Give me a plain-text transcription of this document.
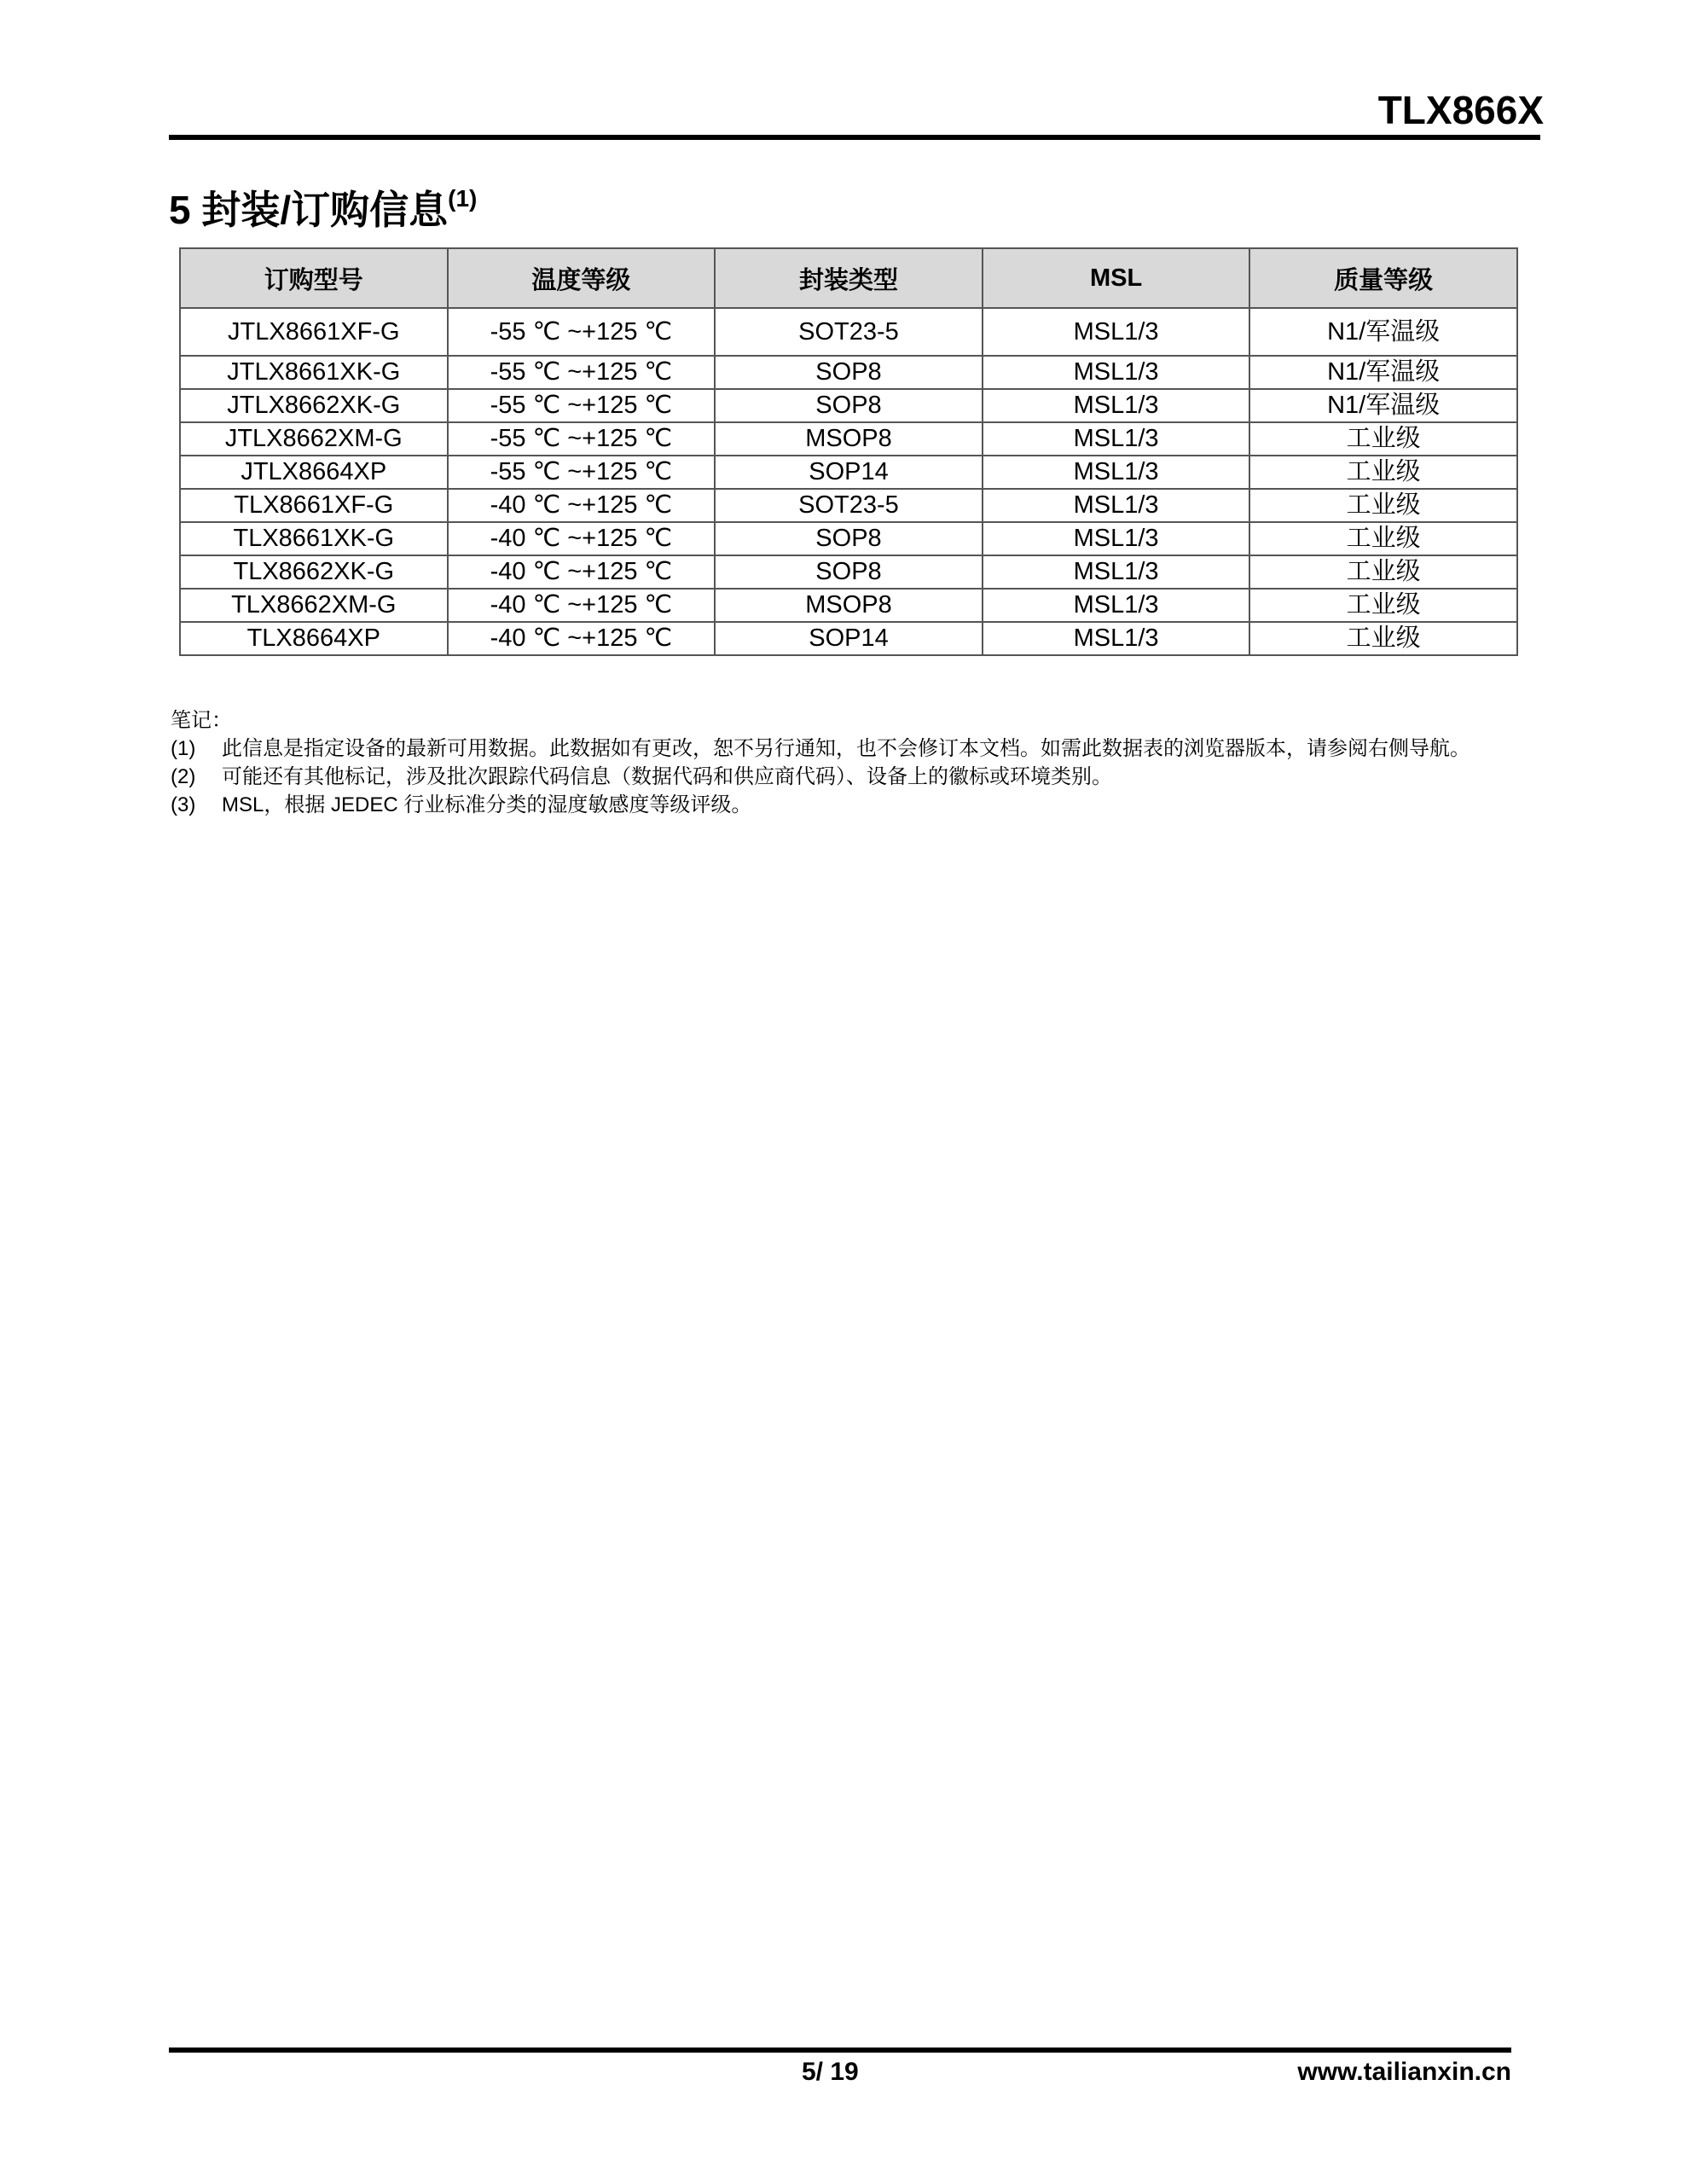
TLX866X
5 封装/订购信息$^{(1)}$
订购型号	温度等级	封装类型	MSL	质量等级
JTLX8661XF-G	-55 ℃ ~+125 ℃	SOT23-5	MSL1/3	N1/军温级
JTLX8661XK-G	-55 ℃ ~+125 ℃	SOP8	MSL1/3	N1/军温级
JTLX8662XK-G	-55 ℃ ~+125 ℃	SOP8	MSL1/3	N1/军温级
JTLX8662XM-G	-55 ℃ ~+125 ℃	MSOP8	MSL1/3	工业级
JTLX8664XP	-55 ℃ ~+125 ℃	SOP14	MSL1/3	工业级
TLX8661XF-G	-40 ℃ ~+125 ℃	SOT23-5	MSL1/3	工业级
TLX8661XK-G	-40 ℃ ~+125 ℃	SOP8	MSL1/3	工业级
TLX8662XK-G	-40 ℃ ~+125 ℃	SOP8	MSL1/3	工业级
TLX8662XM-G	-40 ℃ ~+125 ℃	MSOP8	MSL1/3	工业级
TLX8664XP	-40 ℃ ~+125 ℃	SOP14	MSL1/3	工业级
笔记：
(1)	此信息是指定设备的最新可用数据。此数据如有更改，恕不另行通知，也不会修订本文档。如需此数据表的浏览器版本，请参阅右侧导航。
(2)	可能还有其他标记，涉及批次跟踪代码信息（数据代码和供应商代码）、设备上的徽标或环境类别。
(3)	MSL，根据 JEDEC 行业标准分类的湿度敏感度等级评级。
5/ 19	www.tailianxin.cn
